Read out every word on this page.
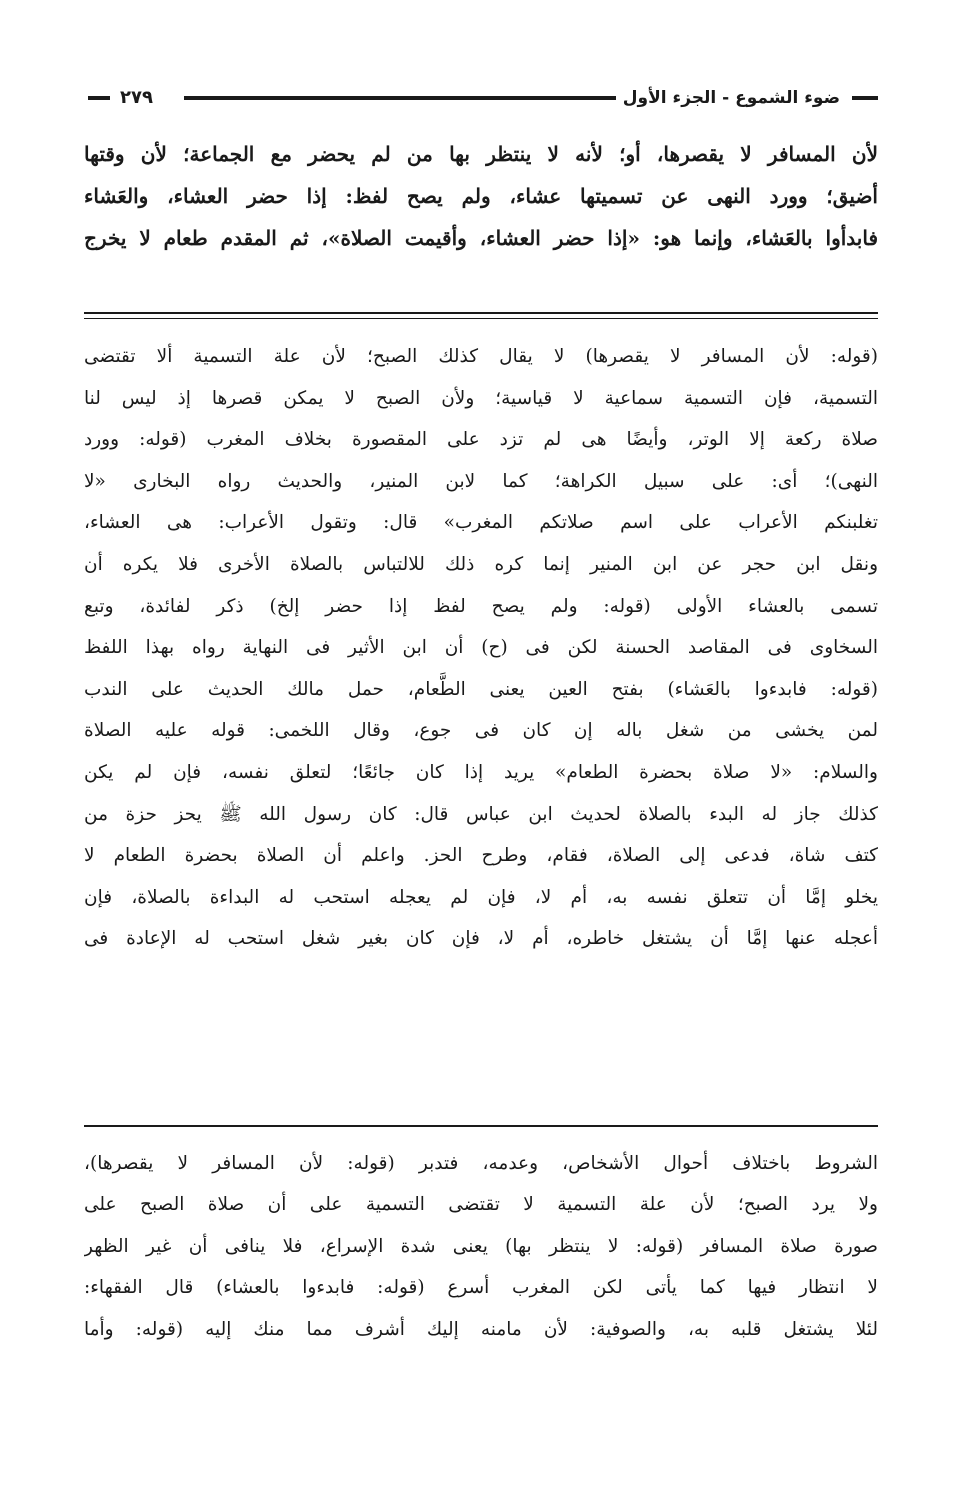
ضوء الشموع - الجزء الأول
٢٧٩
لأن المسافر لا يقصرها، أو؛ لأنه لا ينتظر بها من لم يحضر مع الجماعة؛ لأن وقتها
أضيق؛ وورد النهى عن تسميتها عشاء، ولم يصح لفظ: إذا حضر العشاء، والعَشاء
فابدأوا بالعَشاء، وإنما هو: «إذا حضر العشاء، وأقيمت الصلاة»، ثم المقدم طعام لا يخرج
(قوله: لأن المسافر لا يقصرها) لا يقال كذلك الصبح؛ لأن علة التسمية ألا تقتضى
التسمية، فإن التسمية سماعية لا قياسية؛ ولأن الصبح لا يمكن قصرها إذ ليس لنا
صلاة ركعة إلا الوتر، وأيضًا هى لم تزد على المقصورة بخلاف المغرب (قوله: وورد
النهى)؛ أى: على سبيل الكراهة؛ كما لابن المنير، والحديث رواه البخارى «لا
تغلبنكم الأعراب على اسم صلاتكم المغرب» قال: وتقول الأعراب: هى العشاء،
ونقل ابن حجر عن ابن المنير إنما كره ذلك للالتباس بالصلاة الأخرى فلا يكره أن
تسمى بالعشاء الأولى (قوله: ولم يصح لفظ إذا حضر إلخ) ذكر لفائدة، وتبع
السخاوى فى المقاصد الحسنة لكن فى (ح) أن ابن الأثير فى النهاية رواه بهذا اللفظ
(قوله: فابدءوا بالعَشاء) بفتح العين يعنى الطَّعام، حمل مالك الحديث على الندب
لمن يخشى من شغل باله إن كان فى جوع، وقال اللخمى: قوله عليه الصلاة
والسلام: «لا صلاة بحضرة الطعام» يريد إذا كان جائعًا؛ لتعلق نفسه، فإن لم يكن
كذلك جاز له البدء بالصلاة لحديث ابن عباس قال: كان رسول الله ﷺ يحز حزة من
كتف شاة، فدعى إلى الصلاة، فقام، وطرح الحز. واعلم أن الصلاة بحضرة الطعام لا
يخلو إمَّا أن تتعلق نفسه به، أم لا، فإن لم يعجله استحب له البداءة بالصلاة، فإن
أعجله عنها إمَّا أن يشتغل خاطره، أم لا، فإن كان بغير شغل استحب له الإعادة فى
الشروط باختلاف أحوال الأشخاص، وعدمه، فتدبر (قوله: لأن المسافر لا يقصرها)،
ولا يرد الصبح؛ لأن علة التسمية لا تقتضى التسمية على أن صلاة الصبح على
صورة صلاة المسافر (قوله: لا ينتظر بها) يعنى شدة الإسراع، فلا ينافى أن غير الظهر
لا انتظار فيها كما يأتى لكن المغرب أسرع (قوله: فابدءوا بالعشاء) قال الفقهاء:
لئلا يشتغل قلبه به، والصوفية: لأن مامنه إليك أشرف مما منك إليه (قوله: وأما
